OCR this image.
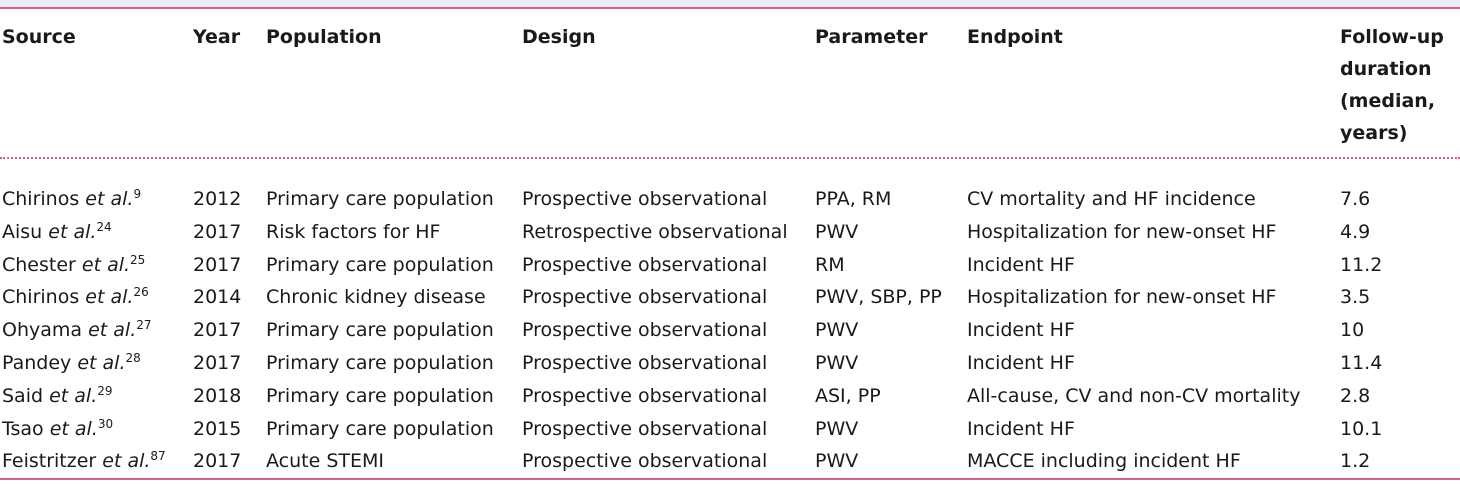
Source	Year	Population	Design	Parameter	Endpoint	Follow-up duration (median, years)
Chirinos et al.$^9$	2012	Primary care population	Prospective observational	PPA, RM	CV mortality and HF incidence	7.6
Aisu et al.$^{24}$	2017	Risk factors for HF	Retrospective observational	PWV	Hospitalization for new-onset HF	4.9
Chester et al.$^{25}$	2017	Primary care population	Prospective observational	RM	Incident HF	11.2
Chirinos et al.$^{26}$	2014	Chronic kidney disease	Prospective observational	PWV, SBP, PP	Hospitalization for new-onset HF	3.5
Ohyama et al.$^{27}$	2017	Primary care population	Prospective observational	PWV	Incident HF	10
Pandey et al.$^{28}$	2017	Primary care population	Prospective observational	PWV	Incident HF	11.4
Said et al.$^{29}$	2018	Primary care population	Prospective observational	ASI, PP	All-cause, CV and non-CV mortality	2.8
Tsao et al.$^{30}$	2015	Primary care population	Prospective observational	PWV	Incident HF	10.1
Feistritzer et al.$^{87}$	2017	Acute STEMI	Prospective observational	PWV	MACCE including incident HF	1.2
